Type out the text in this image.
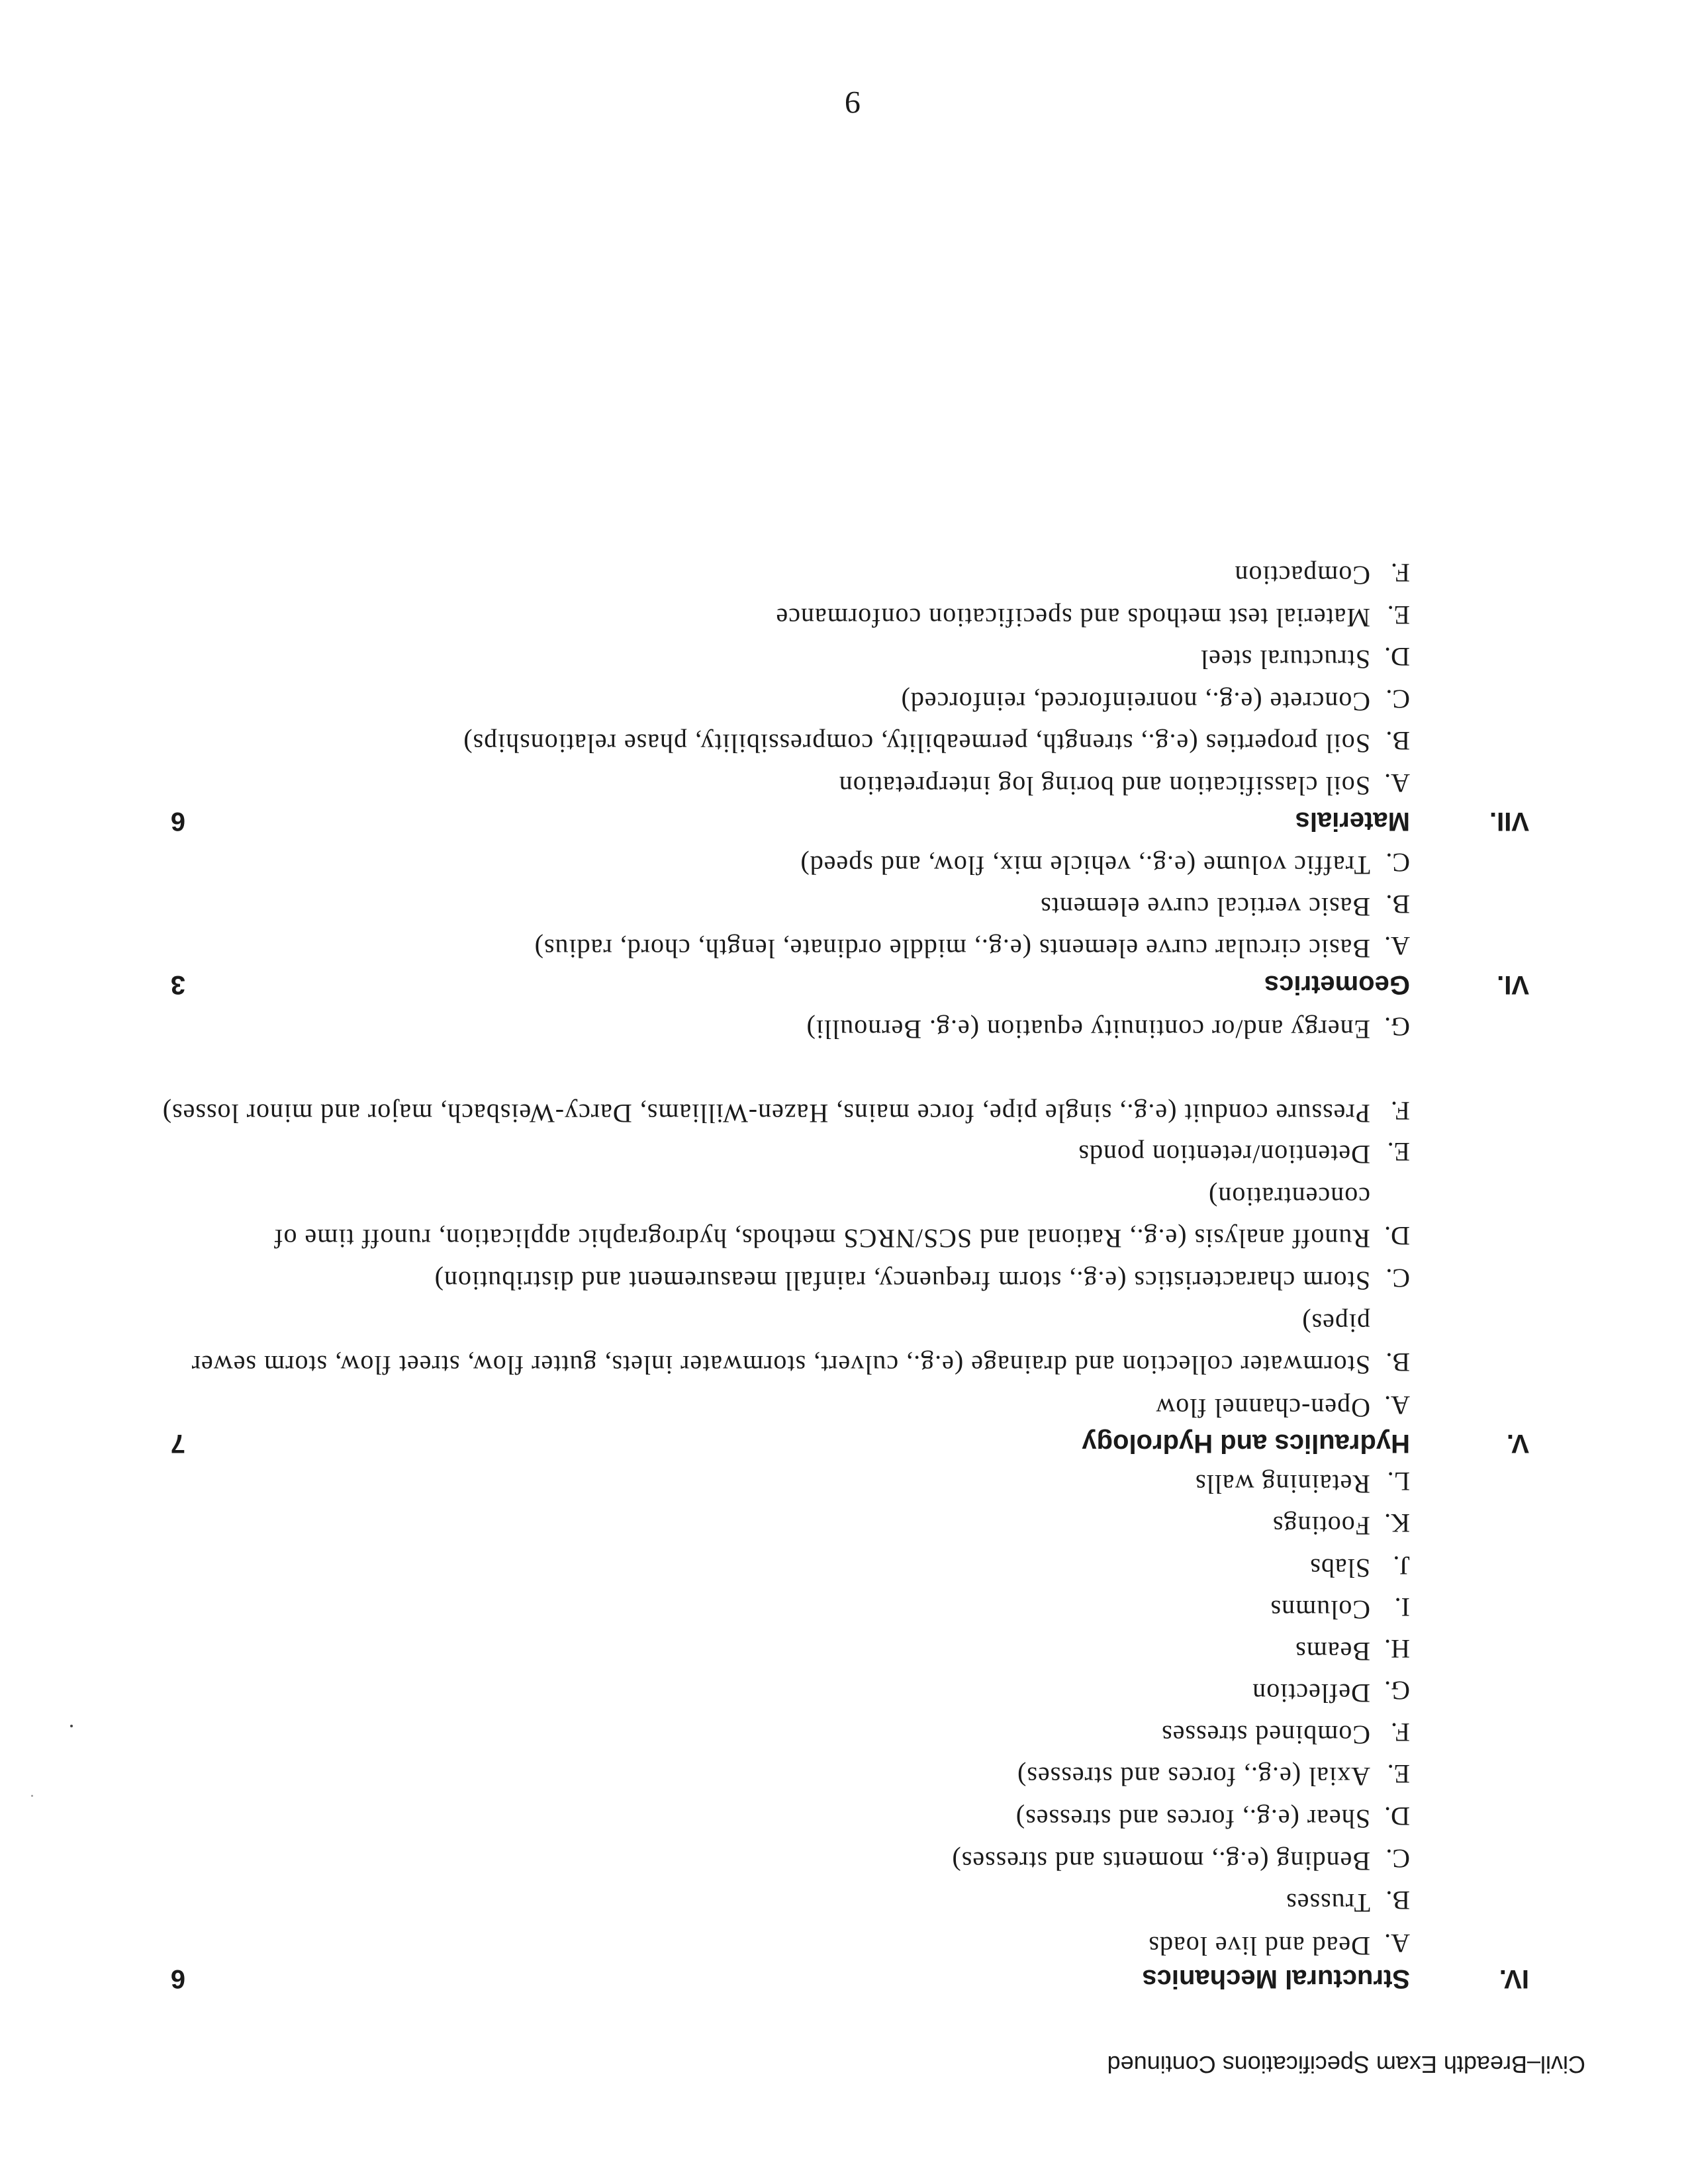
Civil–Breadth Exam Specifications Continued
9
IV.
Structural Mechanics
6
A.
Dead and live loads
B.
Trusses
C.
Bending (e.g., moments and stresses)
D.
Shear (e.g., forces and stresses)
E.
Axial (e.g., forces and stresses)
F.
Combined stresses
G.
Deflection
H.
Beams
I.
Columns
J.
Slabs
K.
Footings
L.
Retaining walls
V.
Hydraulics and Hydrology
7
A.
Open-channel flow
B.
Stormwater collection and drainage (e.g., culvert, stormwater inlets, gutter flow, street flow, storm sewer pipes)
C.
Storm characteristics (e.g., storm frequency, rainfall measurement and distribution)
D.
Runoff analysis (e.g., Rational and SCS/NRCS methods, hydrographic application, runoff time of concentration)
E.
Detention/retention ponds
F.
Pressure conduit (e.g., single pipe, force mains, Hazen-Williams, Darcy-Weisbach, major and minor losses)
G.
Energy and/or continuity equation (e.g. Bernoulli)
VI.
Geometrics
3
A.
Basic circular curve elements (e.g., middle ordinate, length, chord, radius)
B.
Basic vertical curve elements
C.
Traffic volume (e.g., vehicle mix, flow, and speed)
VII.
Materials
6
A.
Soil classification and boring log interpretation
B.
Soil properties (e.g., strength, permeability, compressibility, phase relationships)
C.
Concrete (e.g., nonreinforced, reinforced)
D.
Structural steel
E.
Material test methods and specification conformance
F.
Compaction
